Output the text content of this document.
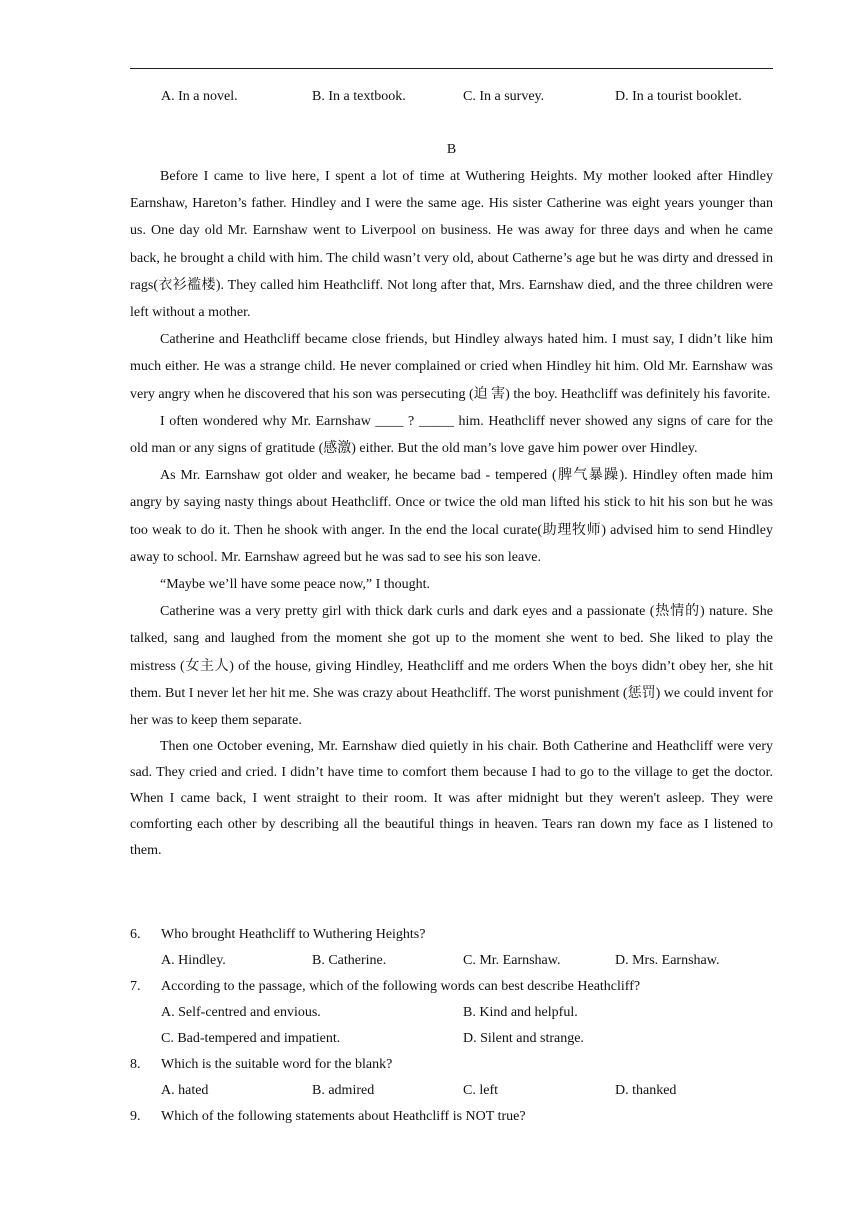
A. In a novel.	B. In a textbook.	C. In a survey.	D. In a tourist booklet.
B

Before I came to live here, I spent a lot of time at Wuthering Heights. My mother looked after Hindley Earnshaw, Hareton’s father. Hindley and I were the same age. His sister Catherine was eight years younger than us. One day old Mr. Earnshaw went to Liverpool on business. He was away for three days and when he came back, he brought a child with him. The child wasn’t very old, about Catherne’s age but he was dirty and dressed in rags(衣衫褴楼). They called him Heathcliff. Not long after that, Mrs. Earnshaw died, and the three children were left without a mother.

Catherine and Heathcliff became close friends, but Hindley always hated him. I must say, I didn’t like him much either. He was a strange child. He never complained or cried when Hindley hit him. Old Mr. Earnshaw was very angry when he discovered that his son was persecuting (迫 害) the boy. Heathcliff was definitely his favorite.

I often wondered why Mr. Earnshaw ____ ? _____ him. Heathcliff never showed any signs of care for the old man or any signs of gratitude (感激) either. But the old man’s love gave him power over Hindley.

As Mr. Earnshaw got older and weaker, he became bad - tempered (脾气暴躁). Hindley often made him angry by saying nasty things about Heathcliff. Once or twice the old man lifted his stick to hit his son but he was too weak to do it. Then he shook with anger. In the end the local curate(助理牧师) advised him to send Hindley away to school. Mr. Earnshaw agreed but he was sad to see his son leave.

“Maybe we’ll have some peace now,” I thought.

Catherine was a very pretty girl with thick dark curls and dark eyes and a passionate (热情的) nature. She talked, sang and laughed from the moment she got up to the moment she went to bed. She liked to play the mistress (女主人) of the house, giving Hindley, Heathcliff and me orders When the boys didn’t obey her, she hit them. But I never let her hit me. She was crazy about Heathcliff. The worst punishment (惩罚) we could invent for her was to keep them separate.

Then one October evening, Mr. Earnshaw died quietly in his chair. Both Catherine and Heathcliff were very sad. They cried and cried. I didn’t have time to comfort them because I had to go to the village to get the doctor. When I came back, I went straight to their room. It was after midnight but they weren't asleep. They were comforting each other by describing all the beautiful things in heaven. Tears ran down my face as I listened to them.

6. Who brought Heathcliff to Wuthering Heights?
A. Hindley.	B. Catherine.	C. Mr. Earnshaw.	D. Mrs. Earnshaw.
7. According to the passage, which of the following words can best describe Heathcliff?
A. Self-centred and envious.	B. Kind and helpful.
C. Bad-tempered and impatient.	D. Silent and strange.
8. Which is the suitable word for the blank?
A. hated	B. admired	C. left	D. thanked
9. Which of the following statements about Heathcliff is NOT true?
